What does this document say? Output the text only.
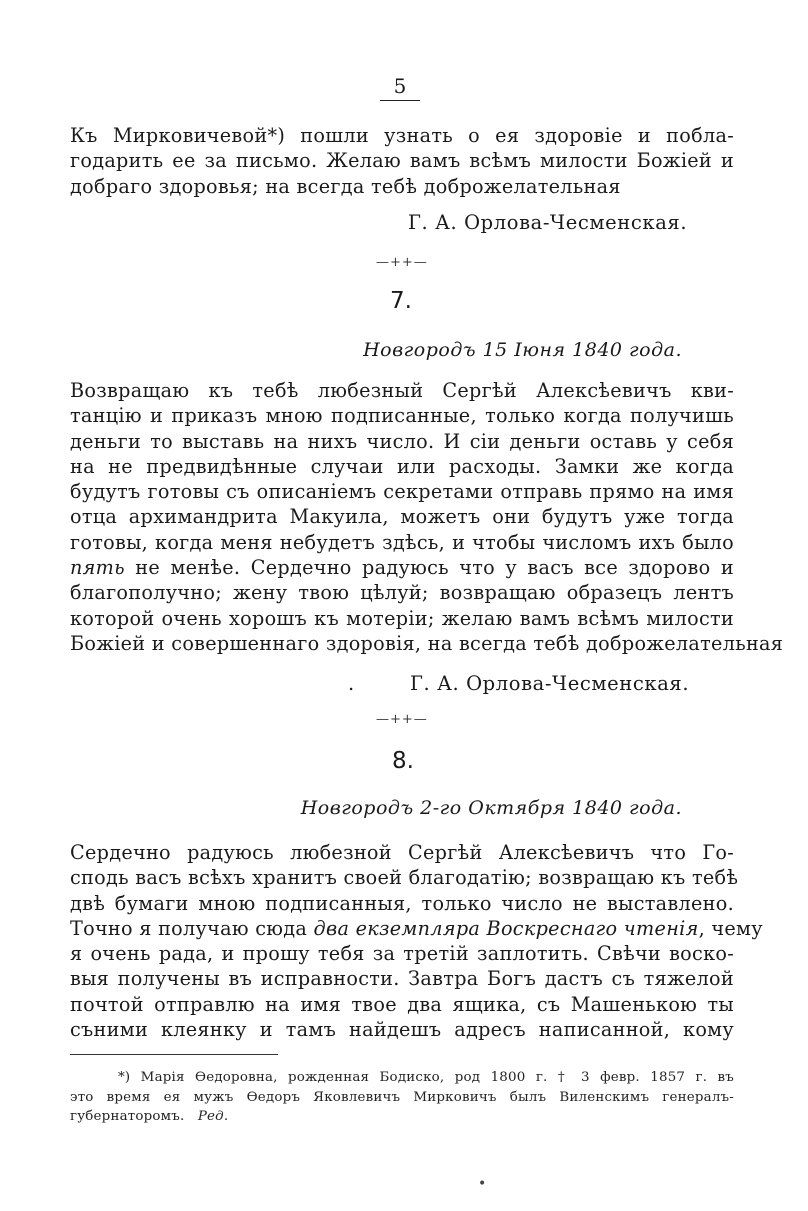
5
Къ Мирковичевой*) пошли узнать о ея здоровіе и побла-
годарить ее за письмо. Желаю вамъ всѣмъ милости Божіей и
добраго здоровья; на всегда тебѣ доброжелательная
Г. А. Орлова-Чесменская.
—++—
7.
Новгородъ 15 Іюня 1840 года.
Возвращаю къ тебѣ любезный Сергѣй Алексѣевичъ кви-
танцію и приказъ мною подписанные, только когда получишь
деньги то выставь на нихъ число. И сіи деньги оставь у себя
на не предвидѣнные случаи или расходы. Замки же когда
будутъ готовы съ описаніемъ секретами отправь прямо на имя
отца архимандрита Макуила, можетъ они будутъ уже тогда
готовы, когда меня небудетъ здѣсь, и чтобы числомъ ихъ было
пять не менѣе. Сердечно радуюсь что у васъ все здорово и
благополучно; жену твою цѣлуй; возвращаю образецъ лентъ
которой очень хорошъ къ мотеріи; желаю вамъ всѣмъ милости
Божіей и совершеннаго здоровія, на всегда тебѣ доброжелательная
.	Г. А. Орлова-Чесменская.
—++—
8.
Новгородъ 2-го Октября 1840 года.
Сердечно радуюсь любезной Сергѣй Алексѣевичъ что Го-
сподь васъ всѣхъ хранитъ своей благодатію; возвращаю къ тебѣ
двѣ бумаги мною подписанныя, только число не выставлено.
Точно я получаю сюда два екземпляра Воскреснаго чтенія, чему
я очень рада, и прошу тебя за третій заплотить. Свѣчи воско-
выя получены въ исправности. Завтра Богъ дастъ съ тяжелой
почтой отправлю на имя твое два ящика, съ Машенькою ты
съними клеянку и тамъ найдешъ адресъ написанной, кому
*) Марія Ѳедоровна, рожденная Бодиско, род 1800 г. † 3 февр. 1857 г. въ
это время ея мужъ Ѳедоръ Яковлевичъ Мирковичъ былъ Виленскимъ генералъ-
губернаторомъ. Ред.
•
